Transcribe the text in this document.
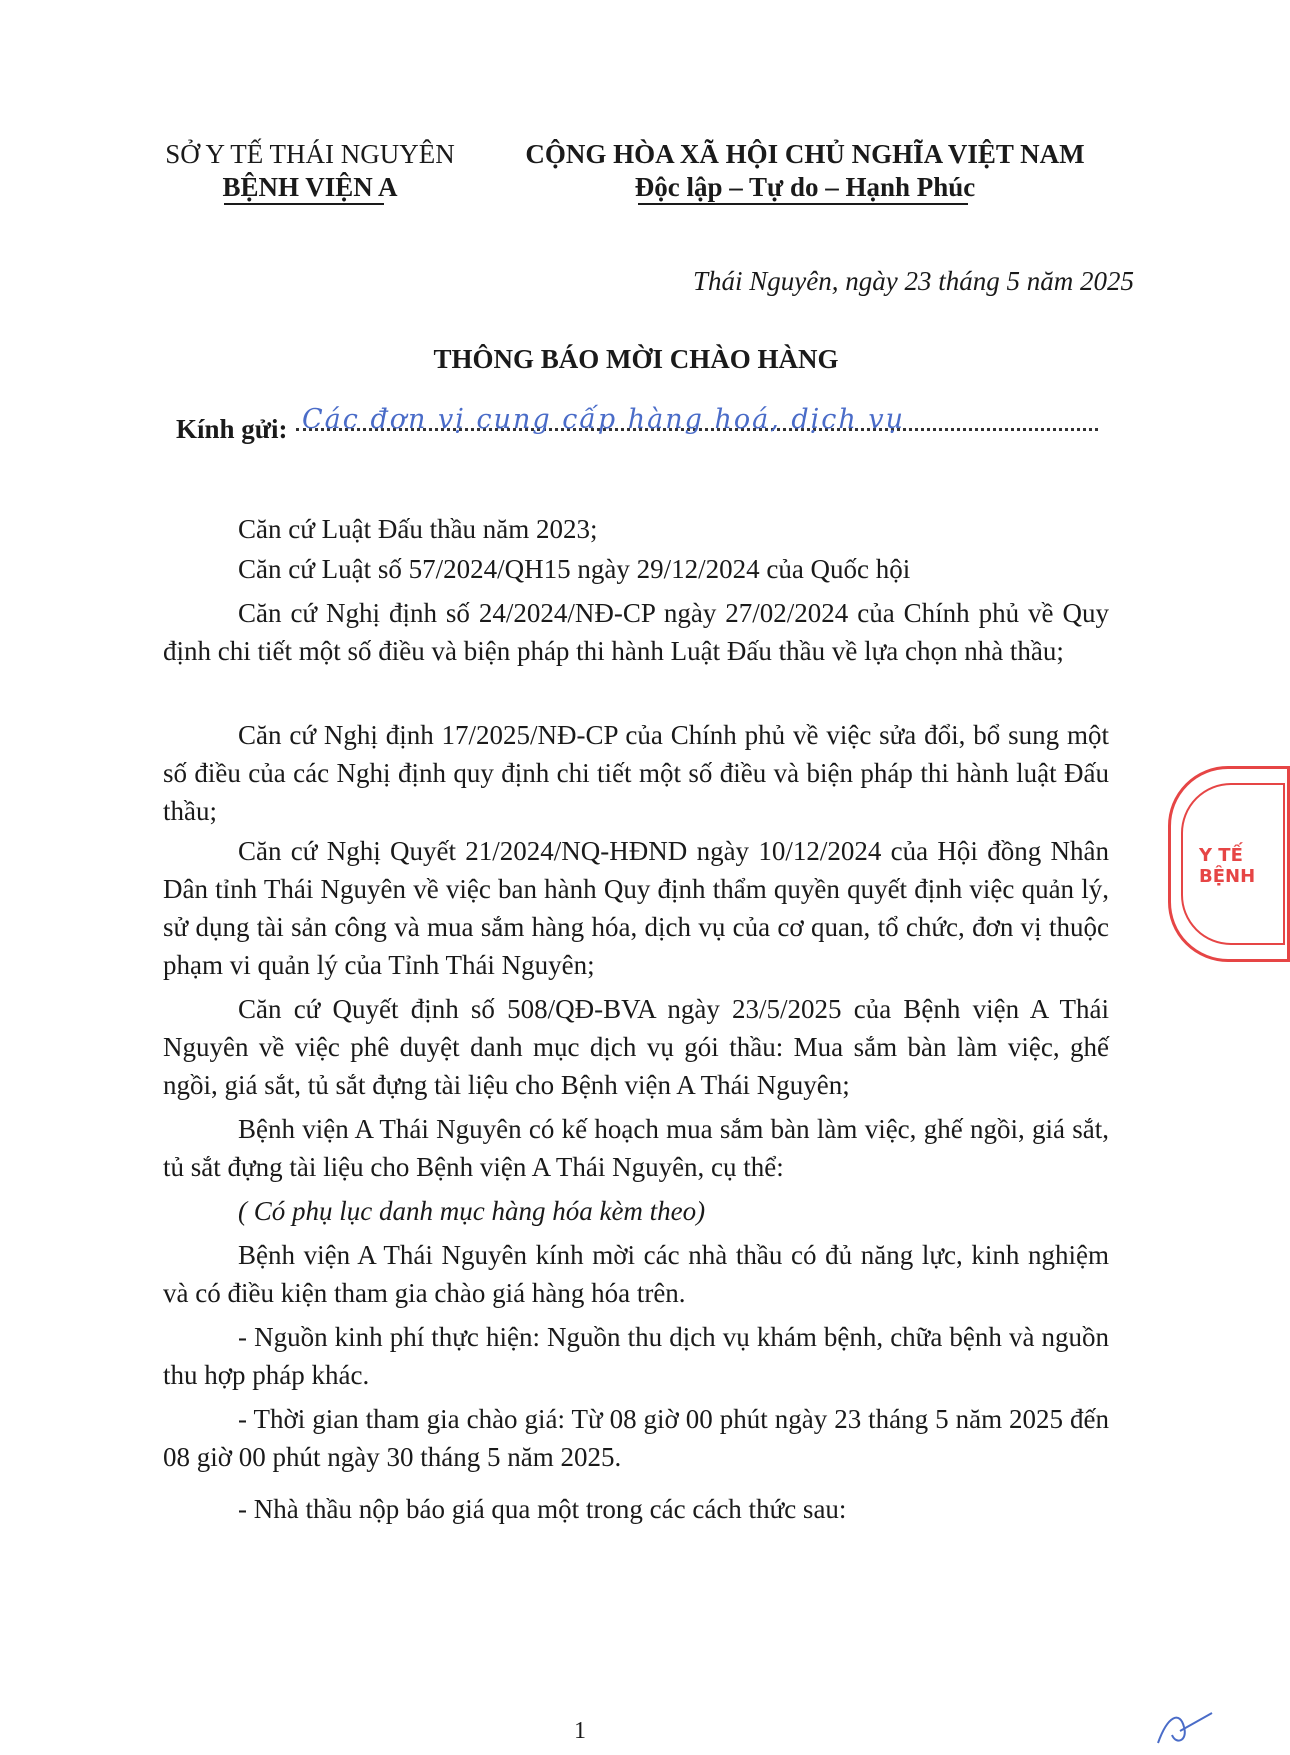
SỞ Y TẾ THÁI NGUYÊN
BỆNH VIỆN A
CỘNG HÒA XÃ HỘI CHỦ NGHĨA VIỆT NAM
Độc lập – Tự do – Hạnh Phúc
Thái Nguyên, ngày 23 tháng 5 năm 2025
THÔNG BÁO MỜI CHÀO HÀNG
Kính gửi: Các đơn vị cung cấp hàng hoá, dịch vụ
Căn cứ Luật Đấu thầu năm 2023;
Căn cứ Luật số 57/2024/QH15 ngày 29/12/2024 của Quốc hội
Căn cứ Nghị định số 24/2024/NĐ-CP ngày 27/02/2024 của Chính phủ về Quy định chi tiết một số điều và biện pháp thi hành Luật Đấu thầu về lựa chọn nhà thầu;
Căn cứ Nghị định 17/2025/NĐ-CP của Chính phủ về việc sửa đổi, bổ sung một số điều của các Nghị định quy định chi tiết một số điều và biện pháp thi hành luật Đấu thầu;
Căn cứ Nghị Quyết 21/2024/NQ-HĐND ngày 10/12/2024 của Hội đồng Nhân Dân tỉnh Thái Nguyên về việc ban hành Quy định thẩm quyền quyết định việc quản lý, sử dụng tài sản công và mua sắm hàng hóa, dịch vụ của cơ quan, tổ chức, đơn vị thuộc phạm vi quản lý của Tỉnh Thái Nguyên;
Căn cứ Quyết định số 508/QĐ-BVA ngày 23/5/2025 của Bệnh viện A Thái Nguyên về việc phê duyệt danh mục dịch vụ gói thầu: Mua sắm bàn làm việc, ghế ngồi, giá sắt, tủ sắt đựng tài liệu cho Bệnh viện A Thái Nguyên;
Bệnh viện A Thái Nguyên có kế hoạch mua sắm bàn làm việc, ghế ngồi, giá sắt, tủ sắt đựng tài liệu cho Bệnh viện A Thái Nguyên, cụ thể:
( Có phụ lục danh mục hàng hóa kèm theo)
Bệnh viện A Thái Nguyên kính mời các nhà thầu có đủ năng lực, kinh nghiệm và có điều kiện tham gia chào giá hàng hóa trên.
- Nguồn kinh phí thực hiện: Nguồn thu dịch vụ khám bệnh, chữa bệnh và nguồn thu hợp pháp khác.
- Thời gian tham gia chào giá: Từ 08 giờ 00 phút ngày 23 tháng 5 năm 2025 đến 08 giờ 00 phút ngày 30 tháng 5 năm 2025.
- Nhà thầu nộp báo giá qua một trong các cách thức sau:
1
Y TẾ BỆNH
